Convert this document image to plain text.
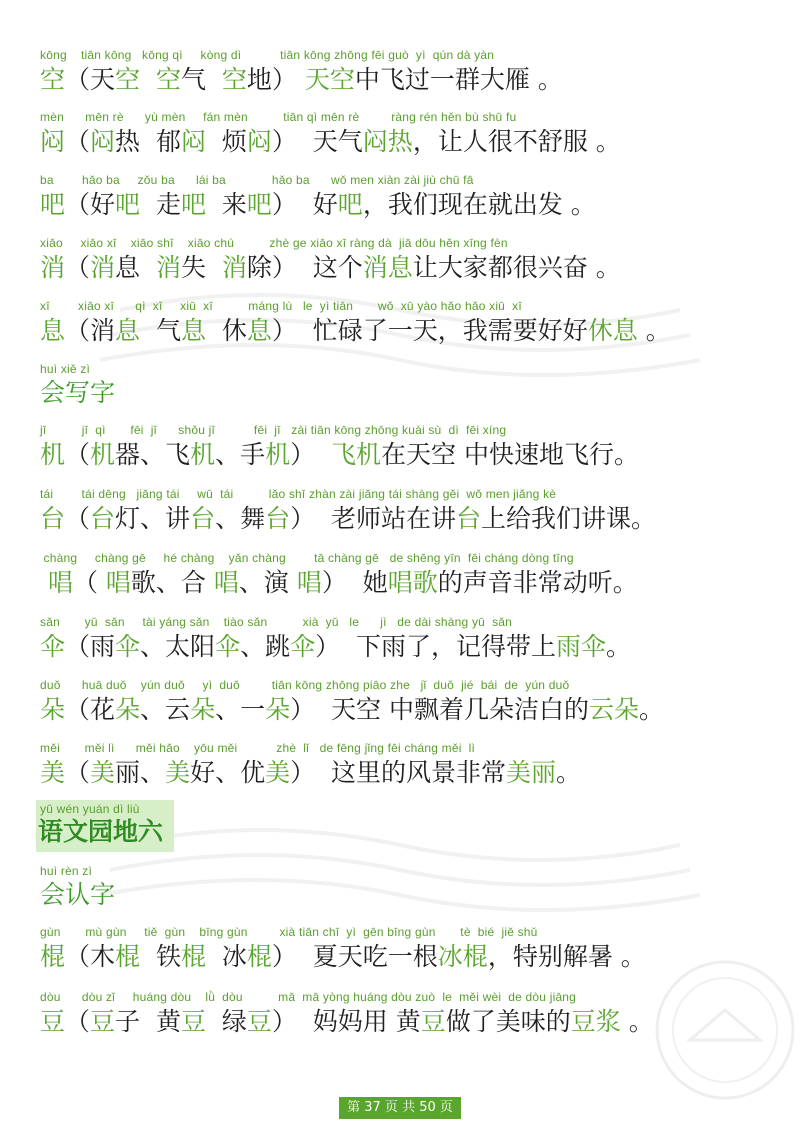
kōng    tiān kōng   kōng qì     kòng dì           tiān kōng zhōng fēi guò  yì  qún dà yàn
空（天空 空气  空地） 天空中飞过一群大雁 。
mèn      mēn rè      yù mèn     fán mèn          tiān qì mēn rè         ràng rén hěn bù shū fu
闷（闷热  郁闷  烦闷）  天气闷热，让人很不舒服 。
ba        hǎo ba     zǒu ba      lái ba             hǎo ba      wǒ men xiàn zài jiù chū fā
吧（好吧  走吧  来吧）  好吧，我们现在就出发 。
xiāo     xiāo xī    xiāo shī    xiāo chú          zhè ge xiāo xī ràng dà  jiā dōu hěn xīng fèn
消（消息  消失  消除）  这个消息让大家都很兴奋 。
xī        xiāo xī      qì  xī     xiū  xī          máng lù   le  yì tiān       wǒ  xū yào hǎo hǎo xiū  xī
息（消息  气息  休息）  忙碌了一天，我需要好好休息 。
jī          jī  qì       fēi  jī      shǒu jī           fēi  jī   zài tiān kōng zhōng kuài sù  dì  fēi xíng
机（机器、飞机、手机）  飞机在天空 中快速地飞行。
tái        tái dēng   jiǎng tái     wǔ  tái          lǎo shī zhàn zài jiǎng tái shàng gěi  wǒ men jiǎng kè
台（台灯、讲台、舞台）  老师站在讲台上给我们讲课。
chàng     chàng gē     hé chàng    yǎn chàng        tā chàng gē   de shēng yīn  fēi cháng dòng tīng
唱（ 唱歌、合 唱、演 唱）  她唱歌的声音非常动听。
sǎn       yǔ  sǎn     tài yáng sǎn    tiào sǎn          xià  yǔ   le      jì   de dài shàng yǔ  sǎn
伞（雨伞、太阳伞、跳伞）  下雨了，记得带上雨伞。
duǒ      huā duǒ    yún duǒ     yì  duǒ         tiān kōng zhōng piāo zhe   jǐ  duǒ  jié  bái  de  yún duǒ
朵（花朵、云朵、一朵）  天空 中飘着几朵洁白的云朵。
měi       měi lì      měi hǎo    yōu měi           zhè  lǐ   de fēng jǐng fēi cháng měi  lì
美（美丽、美好、优美）  这里的风景非常美丽。
gùn       mù gùn     tiě  gùn    bīng gùn         xià tiān chī  yì  gēn bīng gùn       tè  bié  jiě shǔ
棍（木棍  铁棍  冰棍）  夏天吃一根冰棍，特别解暑 。
dòu      dòu zǐ     huáng dòu    lǜ  dòu          mā  mā yòng huáng dòu zuò  le  měi wèi  de dòu jiāng
豆（豆子  黄豆  绿豆）  妈妈用 黄豆做了美味的豆浆 。
huì xiě zì
会写字
yǔ wén yuán dì liù
语文园地六
huì rèn zì
会认字
第 37 页 共 50 页
